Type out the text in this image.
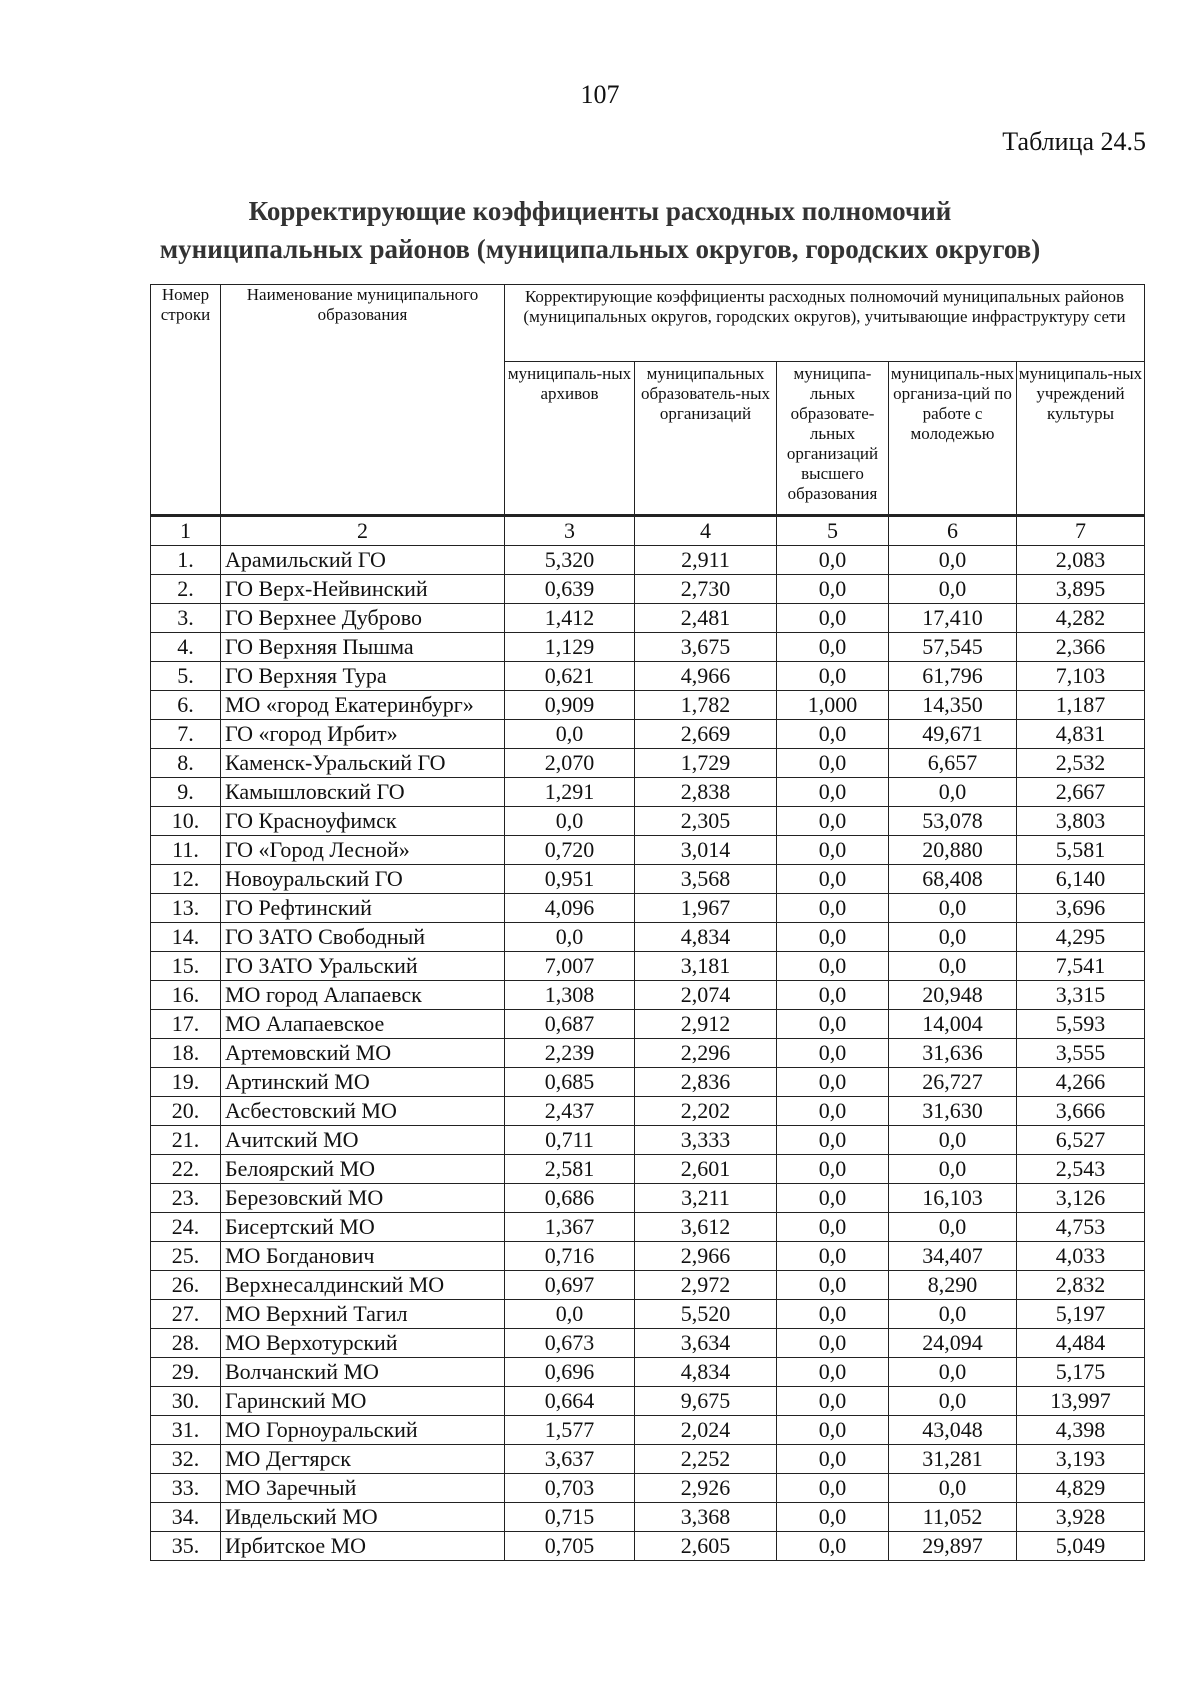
107
Таблица 24.5
Корректирующие коэффициенты расходных полномочий
муниципальных районов (муниципальных округов, городских округов)
Номер строки	Наименование муниципального образования	Корректирующие коэффициенты расходных полномочий муниципальных районов (муниципальных округов, городских округов), учитывающие инфраструктуру сети				
		муниципаль-ных архивов	муниципальных образователь-ных организаций	муниципа-льных образовате-льных организаций высшего образования	муниципаль-ных организа-ций по работе с молодежью	муниципаль-ных учреждений культуры
1	2	3	4	5	6	7
1.	Арамильский ГО	5,320	2,911	0,0	0,0	2,083
2.	ГО Верх-Нейвинский	0,639	2,730	0,0	0,0	3,895
3.	ГО Верхнее Дуброво	1,412	2,481	0,0	17,410	4,282
4.	ГО Верхняя Пышма	1,129	3,675	0,0	57,545	2,366
5.	ГО Верхняя Тура	0,621	4,966	0,0	61,796	7,103
6.	МО «город Екатеринбург»	0,909	1,782	1,000	14,350	1,187
7.	ГО «город Ирбит»	0,0	2,669	0,0	49,671	4,831
8.	Каменск-Уральский ГО	2,070	1,729	0,0	6,657	2,532
9.	Камышловский ГО	1,291	2,838	0,0	0,0	2,667
10.	ГО Красноуфимск	0,0	2,305	0,0	53,078	3,803
11.	ГО «Город Лесной»	0,720	3,014	0,0	20,880	5,581
12.	Новоуральский ГО	0,951	3,568	0,0	68,408	6,140
13.	ГО Рефтинский	4,096	1,967	0,0	0,0	3,696
14.	ГО ЗАТО Свободный	0,0	4,834	0,0	0,0	4,295
15.	ГО ЗАТО Уральский	7,007	3,181	0,0	0,0	7,541
16.	МО город Алапаевск	1,308	2,074	0,0	20,948	3,315
17.	МО Алапаевское	0,687	2,912	0,0	14,004	5,593
18.	Артемовский МО	2,239	2,296	0,0	31,636	3,555
19.	Артинский МО	0,685	2,836	0,0	26,727	4,266
20.	Асбестовский МО	2,437	2,202	0,0	31,630	3,666
21.	Ачитский МО	0,711	3,333	0,0	0,0	6,527
22.	Белоярский МО	2,581	2,601	0,0	0,0	2,543
23.	Березовский МО	0,686	3,211	0,0	16,103	3,126
24.	Бисертский МО	1,367	3,612	0,0	0,0	4,753
25.	МО Богданович	0,716	2,966	0,0	34,407	4,033
26.	Верхнесалдинский МО	0,697	2,972	0,0	8,290	2,832
27.	МО Верхний Тагил	0,0	5,520	0,0	0,0	5,197
28.	МО Верхотурский	0,673	3,634	0,0	24,094	4,484
29.	Волчанский МО	0,696	4,834	0,0	0,0	5,175
30.	Гаринский МО	0,664	9,675	0,0	0,0	13,997
31.	МО Горноуральский	1,577	2,024	0,0	43,048	4,398
32.	МО Дегтярск	3,637	2,252	0,0	31,281	3,193
33.	МО Заречный	0,703	2,926	0,0	0,0	4,829
34.	Ивдельский МО	0,715	3,368	0,0	11,052	3,928
35.	Ирбитское МО	0,705	2,605	0,0	29,897	5,049
